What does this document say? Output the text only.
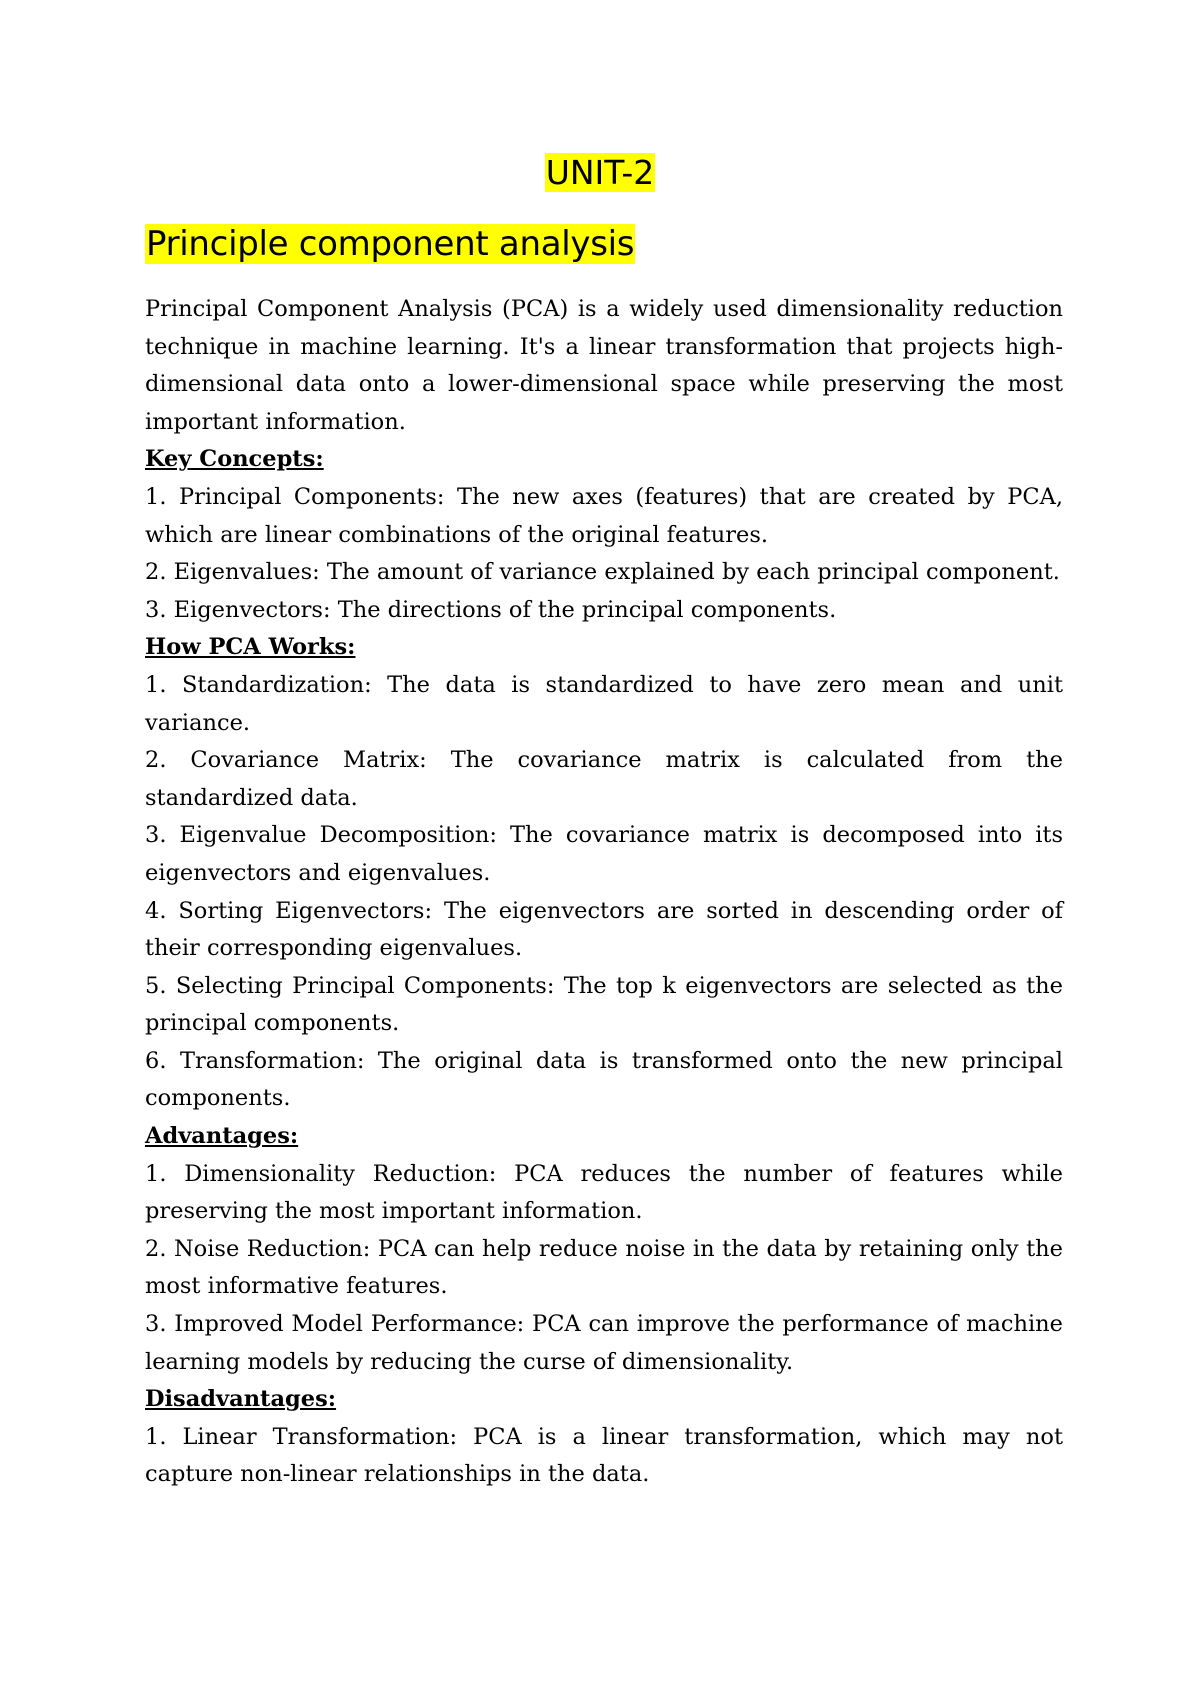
UNIT-2
Principle component analysis

Principal Component Analysis (PCA) is a widely used dimensionality reduction technique in machine learning. It's a linear transformation that projects high-dimensional data onto a lower-dimensional space while preserving the most important information.

Key Concepts:

1. Principal Components: The new axes (features) that are created by PCA, which are linear combinations of the original features.

2. Eigenvalues: The amount of variance explained by each principal component.

3. Eigenvectors: The directions of the principal components.

How PCA Works:

1. Standardization: The data is standardized to have zero mean and unit variance.

2. Covariance Matrix: The covariance matrix is calculated from the standardized data.

3. Eigenvalue Decomposition: The covariance matrix is decomposed into its eigenvectors and eigenvalues.

4. Sorting Eigenvectors: The eigenvectors are sorted in descending order of their corresponding eigenvalues.

5. Selecting Principal Components: The top k eigenvectors are selected as the principal components.

6. Transformation: The original data is transformed onto the new principal components.

Advantages:

1. Dimensionality Reduction: PCA reduces the number of features while preserving the most important information.

2. Noise Reduction: PCA can help reduce noise in the data by retaining only the most informative features.

3. Improved Model Performance: PCA can improve the performance of machine learning models by reducing the curse of dimensionality.

Disadvantages:

1. Linear Transformation: PCA is a linear transformation, which may not capture non-linear relationships in the data.
